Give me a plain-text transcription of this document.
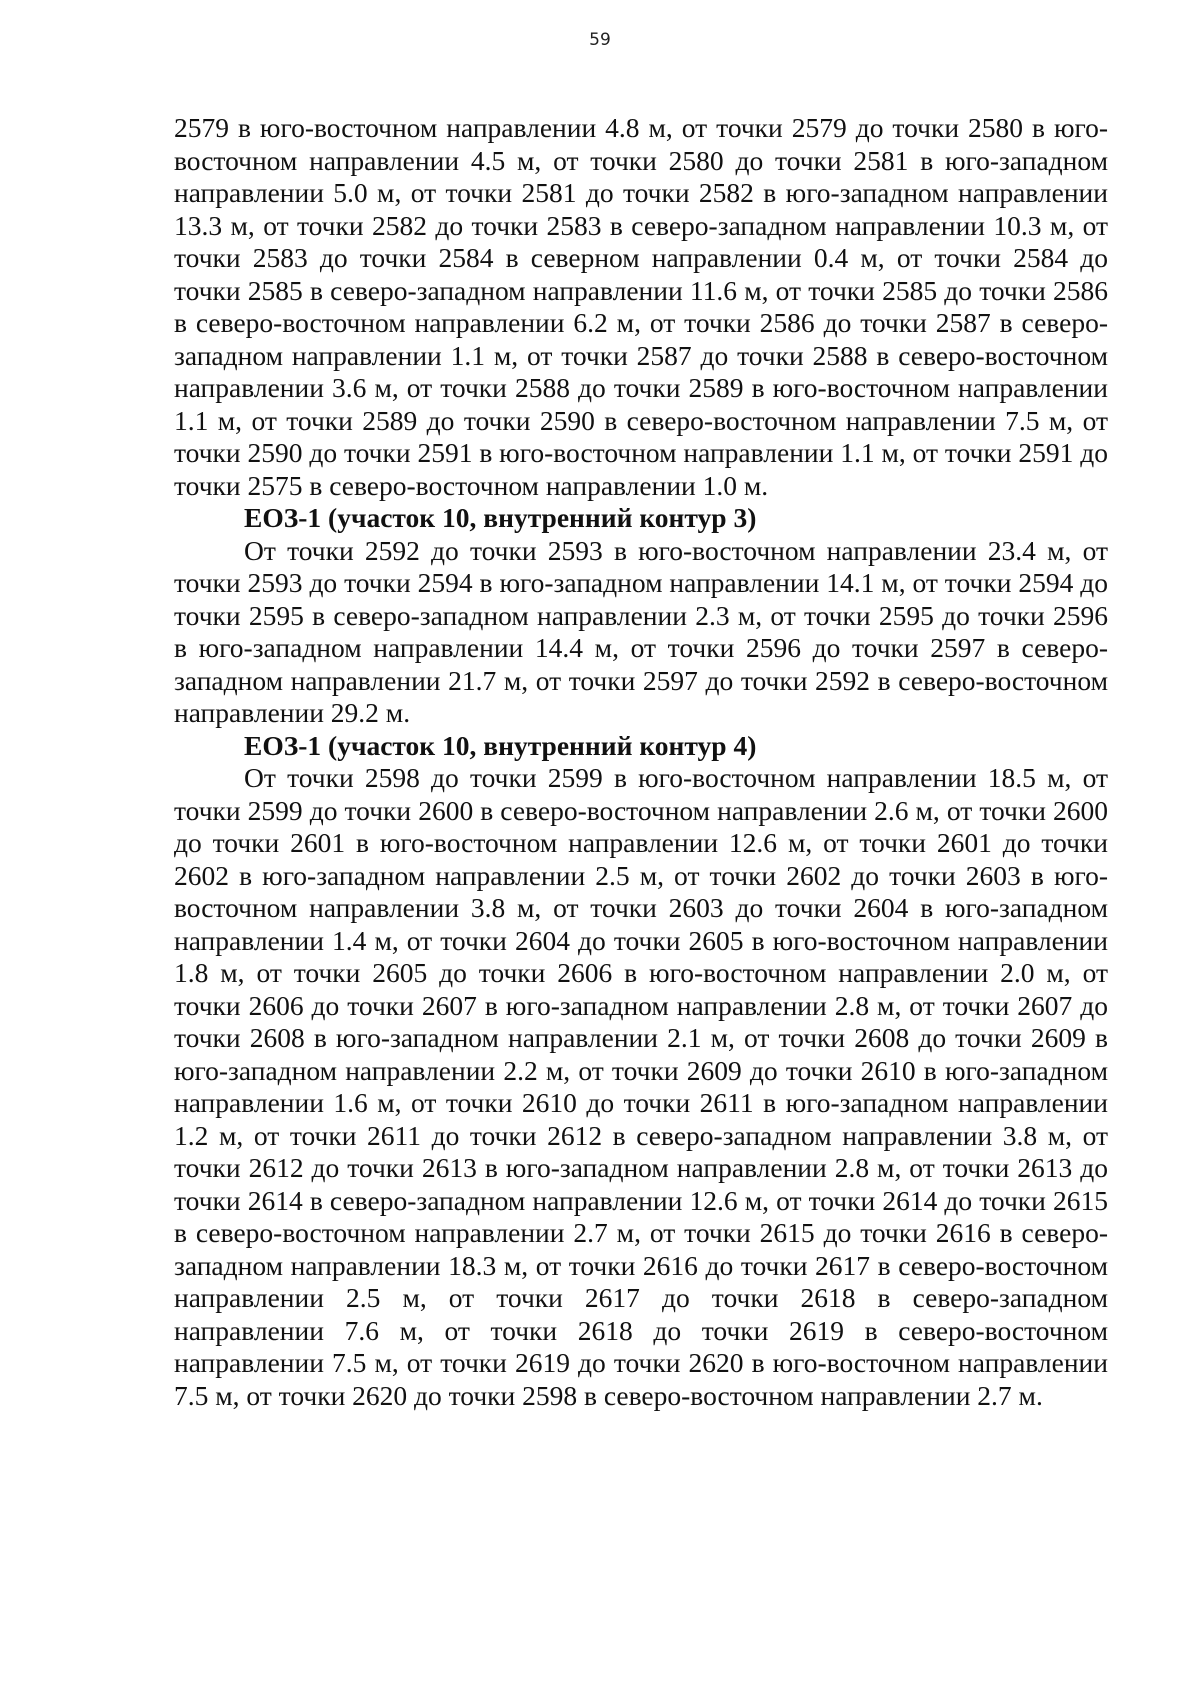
59

2579 в юго-восточном направлении 4.8 м, от точки 2579 до точки 2580 в юго-восточном направлении 4.5 м, от точки 2580 до точки 2581 в юго-западном направлении 5.0 м, от точки 2581 до точки 2582 в юго-западном направлении 13.3 м, от точки 2582 до точки 2583 в северо-западном направлении 10.3 м, от точки 2583 до точки 2584 в северном направлении 0.4 м, от точки 2584 до точки 2585 в северо-западном направлении 11.6 м, от точки 2585 до точки 2586 в северо-восточном направлении 6.2 м, от точки 2586 до точки 2587 в северо-западном направлении 1.1 м, от точки 2587 до точки 2588 в северо-восточном направлении 3.6 м, от точки 2588 до точки 2589 в юго-восточном направлении 1.1 м, от точки 2589 до точки 2590 в северо-восточном направлении 7.5 м, от точки 2590 до точки 2591 в юго-восточном направлении 1.1 м, от точки 2591 до точки 2575 в северо-восточном направлении 1.0 м.

ЕОЗ-1 (участок 10, внутренний контур 3)

От точки 2592 до точки 2593 в юго-восточном направлении 23.4 м, от точки 2593 до точки 2594 в юго-западном направлении 14.1 м, от точки 2594 до точки 2595 в северо-западном направлении 2.3 м, от точки 2595 до точки 2596 в юго-западном направлении 14.4 м, от точки 2596 до точки 2597 в северо-западном направлении 21.7 м, от точки 2597 до точки 2592 в северо-восточном направлении 29.2 м.

ЕОЗ-1 (участок 10, внутренний контур 4)

От точки 2598 до точки 2599 в юго-восточном направлении 18.5 м, от точки 2599 до точки 2600 в северо-восточном направлении 2.6 м, от точки 2600 до точки 2601 в юго-восточном направлении 12.6 м, от точки 2601 до точки 2602 в юго-западном направлении 2.5 м, от точки 2602 до точки 2603 в юго-восточном направлении 3.8 м, от точки 2603 до точки 2604 в юго-западном направлении 1.4 м, от точки 2604 до точки 2605 в юго-восточном направлении 1.8 м, от точки 2605 до точки 2606 в юго-восточном направлении 2.0 м, от точки 2606 до точки 2607 в юго-западном направлении 2.8 м, от точки 2607 до точки 2608 в юго-западном направлении 2.1 м, от точки 2608 до точки 2609 в юго-западном направлении 2.2 м, от точки 2609 до точки 2610 в юго-западном направлении 1.6 м, от точки 2610 до точки 2611 в юго-западном направлении 1.2 м, от точки 2611 до точки 2612 в северо-западном направлении 3.8 м, от точки 2612 до точки 2613 в юго-западном направлении 2.8 м, от точки 2613 до точки 2614 в северо-западном направлении 12.6 м, от точки 2614 до точки 2615 в северо-восточном направлении 2.7 м, от точки 2615 до точки 2616 в северо-западном направлении 18.3 м, от точки 2616 до точки 2617 в северо-восточном направлении 2.5 м, от точки 2617 до точки 2618 в северо-западном направлении 7.6 м, от точки 2618 до точки 2619 в северо-восточном направлении 7.5 м, от точки 2619 до точки 2620 в юго-восточном направлении 7.5 м, от точки 2620 до точки 2598 в северо-восточном направлении 2.7 м.
